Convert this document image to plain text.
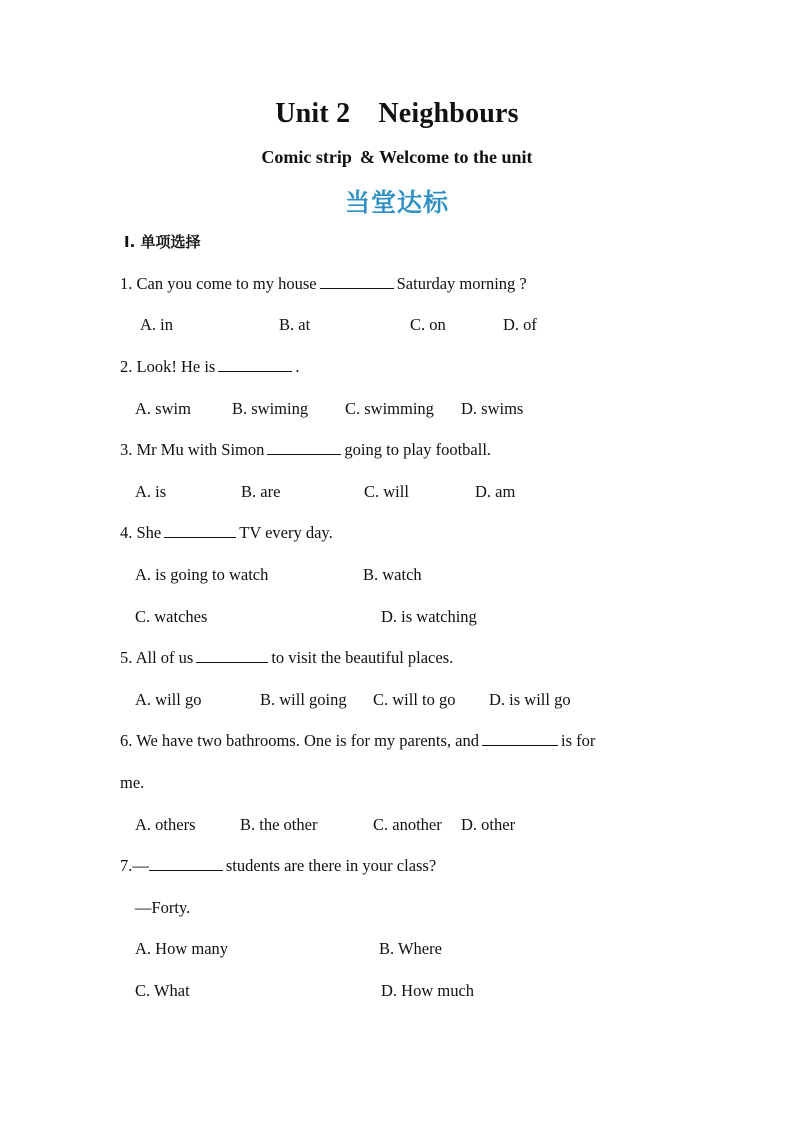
Unit 2 Neighbours
Comic strip & Welcome to the unit
当堂达标
Ⅰ. 单项选择
1. Can you come to my house	Saturday morning ?
A. in	B. at	C. on	D. of
2. Look! He is	.
A. swim B. swiming C. swimming D. swims
3. Mr Mu with Simon	going to play football.
A. is	B. are	C. will	D. am
4. She	TV every day.
A. is going to watch	B. watch
C. watches	D. is watching
5. All of us	to visit the beautiful places.
A. will go	B. will going C. will to go D. is will go
6. We have two bathrooms. One is for my parents, and	is for
me.
A. others	B. the other	C. another D. other
7.—	students are there in your class?
—Forty.
A. How many	B. Where
C. What	D. How much
